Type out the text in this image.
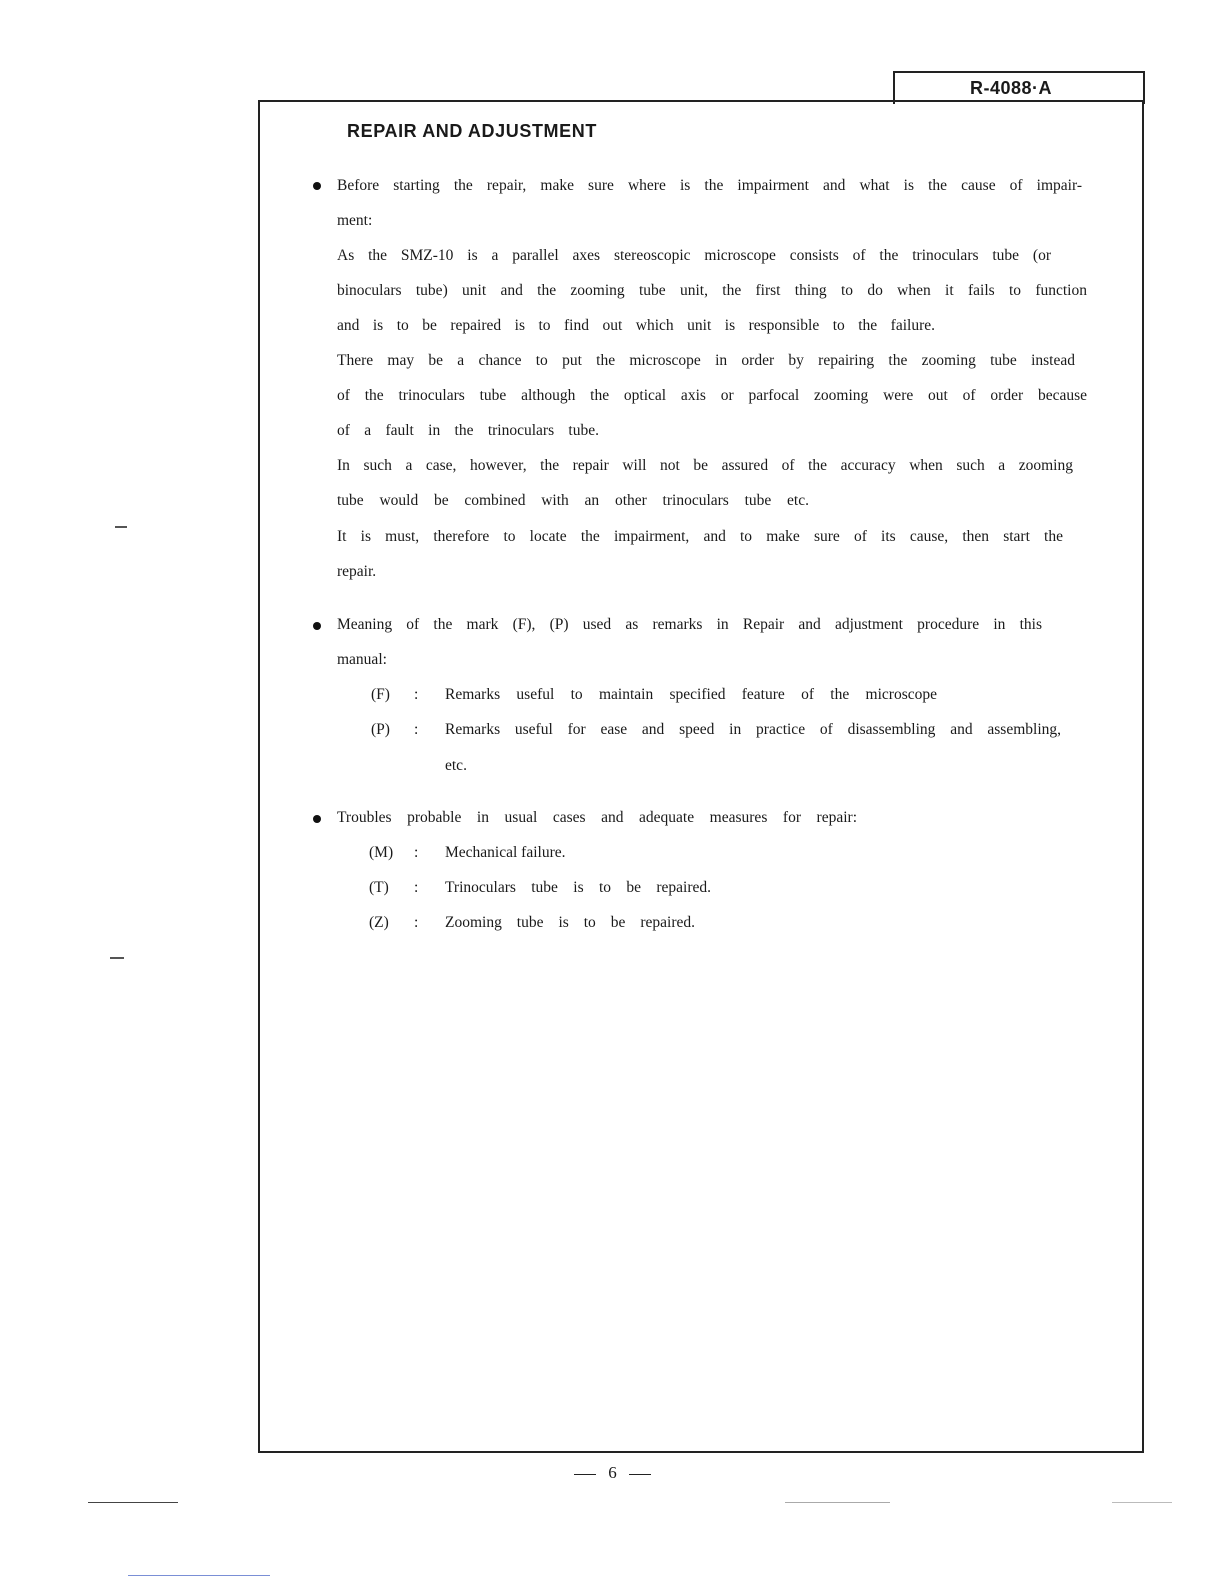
R-4088·A
REPAIR AND ADJUSTMENT
Before starting the repair, make sure where is the impairment and what is the cause of impair-
ment:
As the SMZ-10 is a parallel axes stereoscopic microscope consists of the trinoculars tube (or
binoculars tube) unit and the zooming tube unit, the first thing to do when it fails to function
and is to be repaired is to find out which unit is responsible to the failure.
There may be a chance to put the microscope in order by repairing the zooming tube instead
of the trinoculars tube although the optical axis or parfocal zooming were out of order because
of a fault in the trinoculars tube.
In such a case, however, the repair will not be assured of the accuracy when such a zooming
tube would be combined with an other trinoculars tube etc.
It is must, therefore to locate the impairment, and to make sure of its cause, then start the
repair.
Meaning of the mark (F), (P) used as remarks in Repair and adjustment procedure in this
manual:
(F) : Remarks useful to maintain specified feature of the microscope
(P) : Remarks useful for ease and speed in practice of disassembling and assembling,
etc.
Troubles probable in usual cases and adequate measures for repair:
(M) : Mechanical failure.
(T) : Trinoculars tube is to be repaired.
(Z) : Zooming tube is to be repaired.
6
